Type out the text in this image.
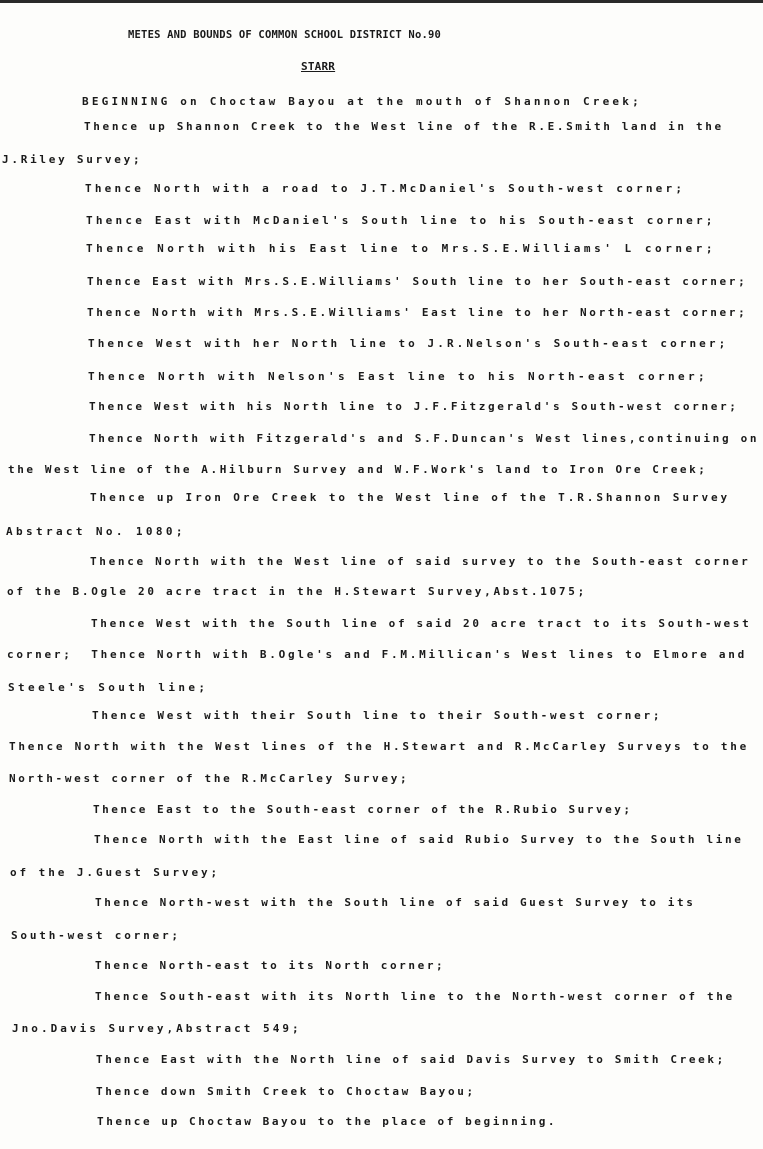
METES AND BOUNDS OF COMMON SCHOOL DISTRICT No.90
STARR
BEGINNING on Choctaw Bayou at the mouth of Shannon Creek;
Thence up Shannon Creek to the West line of the R.E.Smith land in the
J.Riley Survey;
Thence North with a road to J.T.McDaniel's South-west corner;
Thence East with McDaniel's South line to his South-east corner;
Thence North with his East line to Mrs.S.E.Williams' L corner;
Thence East with Mrs.S.E.Williams' South line to her South-east corner;
Thence North with Mrs.S.E.Williams' East line to her North-east corner;
Thence West with her North line to J.R.Nelson's South-east corner;
Thence North with Nelson's East line to his North-east corner;
Thence West with his North line to J.F.Fitzgerald's South-west corner;
Thence North with Fitzgerald's and S.F.Duncan's West lines,continuing on
the West line of the A.Hilburn Survey and W.F.Work's land to Iron Ore Creek;
Thence up Iron Ore Creek to the West line of the T.R.Shannon Survey
Abstract No. 1080;
Thence North with the West line of said survey to the South-east corner
of the B.Ogle 20 acre tract in the H.Stewart Survey,Abst.1075;
Thence West with the South line of said 20 acre tract to its South-west
corner;  Thence North with B.Ogle's and F.M.Millican's West lines to Elmore and
Steele's South line;
Thence West with their South line to their South-west corner;
Thence North with the West lines of the H.Stewart and R.McCarley Surveys to the
North-west corner of the R.McCarley Survey;
Thence East to the South-east corner of the R.Rubio Survey;
Thence North with the East line of said Rubio Survey to the South line
of the J.Guest Survey;
Thence North-west with the South line of said Guest Survey to its
South-west corner;
Thence North-east to its North corner;
Thence South-east with its North line to the North-west corner of the
Jno.Davis Survey,Abstract 549;
Thence East with the North line of said Davis Survey to Smith Creek;
Thence down Smith Creek to Choctaw Bayou;
Thence up Choctaw Bayou to the place of beginning.
